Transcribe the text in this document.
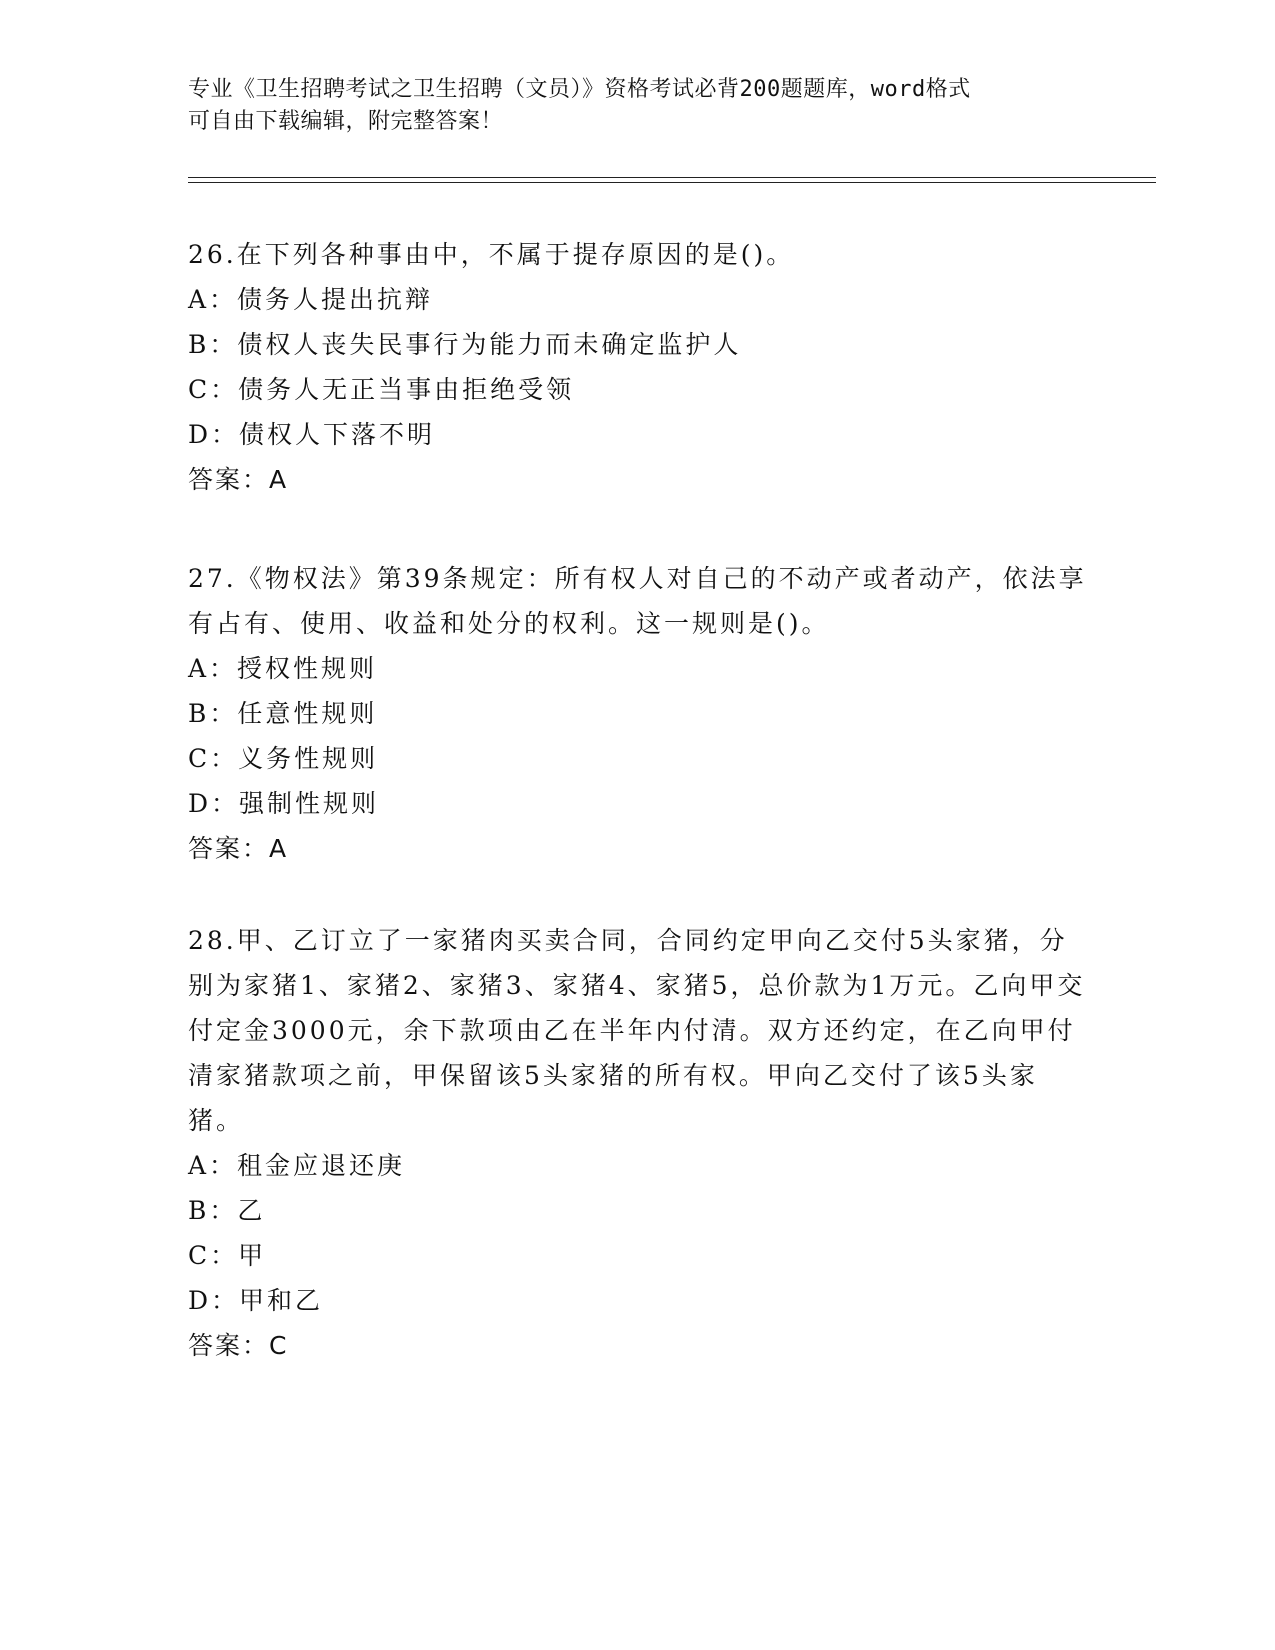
专业《卫生招聘考试之卫生招聘（文员）》资格考试必背200题题库，word格式
可自由下载编辑，附完整答案！

26.在下列各种事由中，不属于提存原因的是()。

A：债务人提出抗辩
B：债权人丧失民事行为能力而未确定监护人
C：债务人无正当事由拒绝受领
D：债权人下落不明

答案：A

27.《物权法》第39条规定：所有权人对自己的不动产或者动产，依法享有占有、使用、收益和处分的权利。这一规则是()。

A：授权性规则
B：任意性规则
C：义务性规则
D：强制性规则

答案：A

28.甲、乙订立了一家猪肉买卖合同，合同约定甲向乙交付5头家猪，分别为家猪1、家猪2、家猪3、家猪4、家猪5，总价款为1万元。乙向甲交付定金3000元，余下款项由乙在半年内付清。双方还约定，在乙向甲付清家猪款项之前，甲保留该5头家猪的所有权。甲向乙交付了该5头家猪。

A：租金应退还庚
B：乙
C：甲
D：甲和乙

答案：C
